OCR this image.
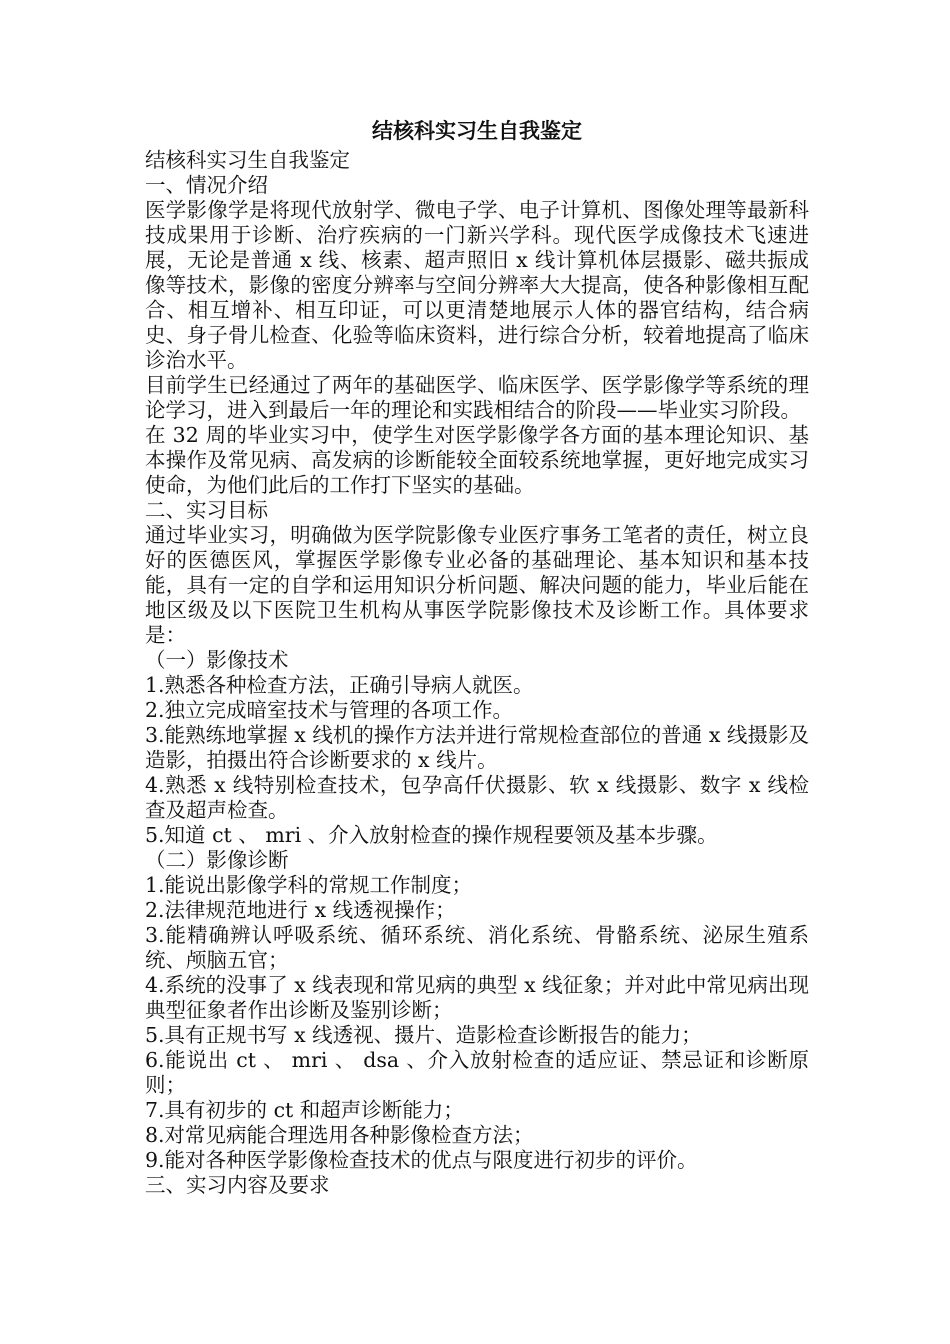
结核科实习生自我鉴定
结核科实习生自我鉴定
一、情况介绍
医学影像学是将现代放射学、微电子学、电子计算机、图像处理等最新科技成果用于诊断、治疗疾病的一门新兴学科。现代医学成像技术飞速进展，无论是普通 x 线、核素、超声照旧 x 线计算机体层摄影、磁共振成像等技术，影像的密度分辨率与空间分辨率大大提高，使各种影像相互配合、相互增补、相互印证，可以更清楚地展示人体的器官结构，结合病史、身子骨儿检查、化验等临床资料，进行综合分析，较着地提高了临床诊治水平。
目前学生已经通过了两年的基础医学、临床医学、医学影像学等系统的理论学习，进入到最后一年的理论和实践相结合的阶段——毕业实习阶段。
在 32 周的毕业实习中，使学生对医学影像学各方面的基本理论知识、基本操作及常见病、高发病的诊断能较全面较系统地掌握，更好地完成实习使命，为他们此后的工作打下坚实的基础。
二、实习目标
通过毕业实习，明确做为医学院影像专业医疗事务工笔者的责任，树立良好的医德医风，掌握医学影像专业必备的基础理论、基本知识和基本技能，具有一定的自学和运用知识分析问题、解决问题的能力，毕业后能在地区级及以下医院卫生机构从事医学院影像技术及诊断工作。具体要求是：
（一）影像技术
1.熟悉各种检查方法，正确引导病人就医。
2.独立完成暗室技术与管理的各项工作。
3.能熟练地掌握 x 线机的操作方法并进行常规检查部位的普通 x 线摄影及造影，拍摄出符合诊断要求的 x 线片。
4.熟悉 x 线特别检查技术，包孕高仟伏摄影、软 x 线摄影、数字 x 线检查及超声检查。
5.知道 ct 、 mri 、介入放射检查的操作规程要领及基本步骤。
（二）影像诊断
1.能说出影像学科的常规工作制度；
2.法律规范地进行 x 线透视操作；
3.能精确辨认呼吸系统、循环系统、消化系统、骨骼系统、泌尿生殖系统、颅脑五官；
4.系统的没事了 x 线表现和常见病的典型 x 线征象；并对此中常见病出现典型征象者作出诊断及鉴别诊断；
5.具有正规书写 x 线透视、摄片、造影检查诊断报告的能力；
6.能说出 ct 、 mri 、 dsa 、介入放射检查的适应证、禁忌证和诊断原则；
7.具有初步的 ct 和超声诊断能力；
8.对常见病能合理选用各种影像检查方法；
9.能对各种医学影像检查技术的优点与限度进行初步的评价。
三、实习内容及要求
